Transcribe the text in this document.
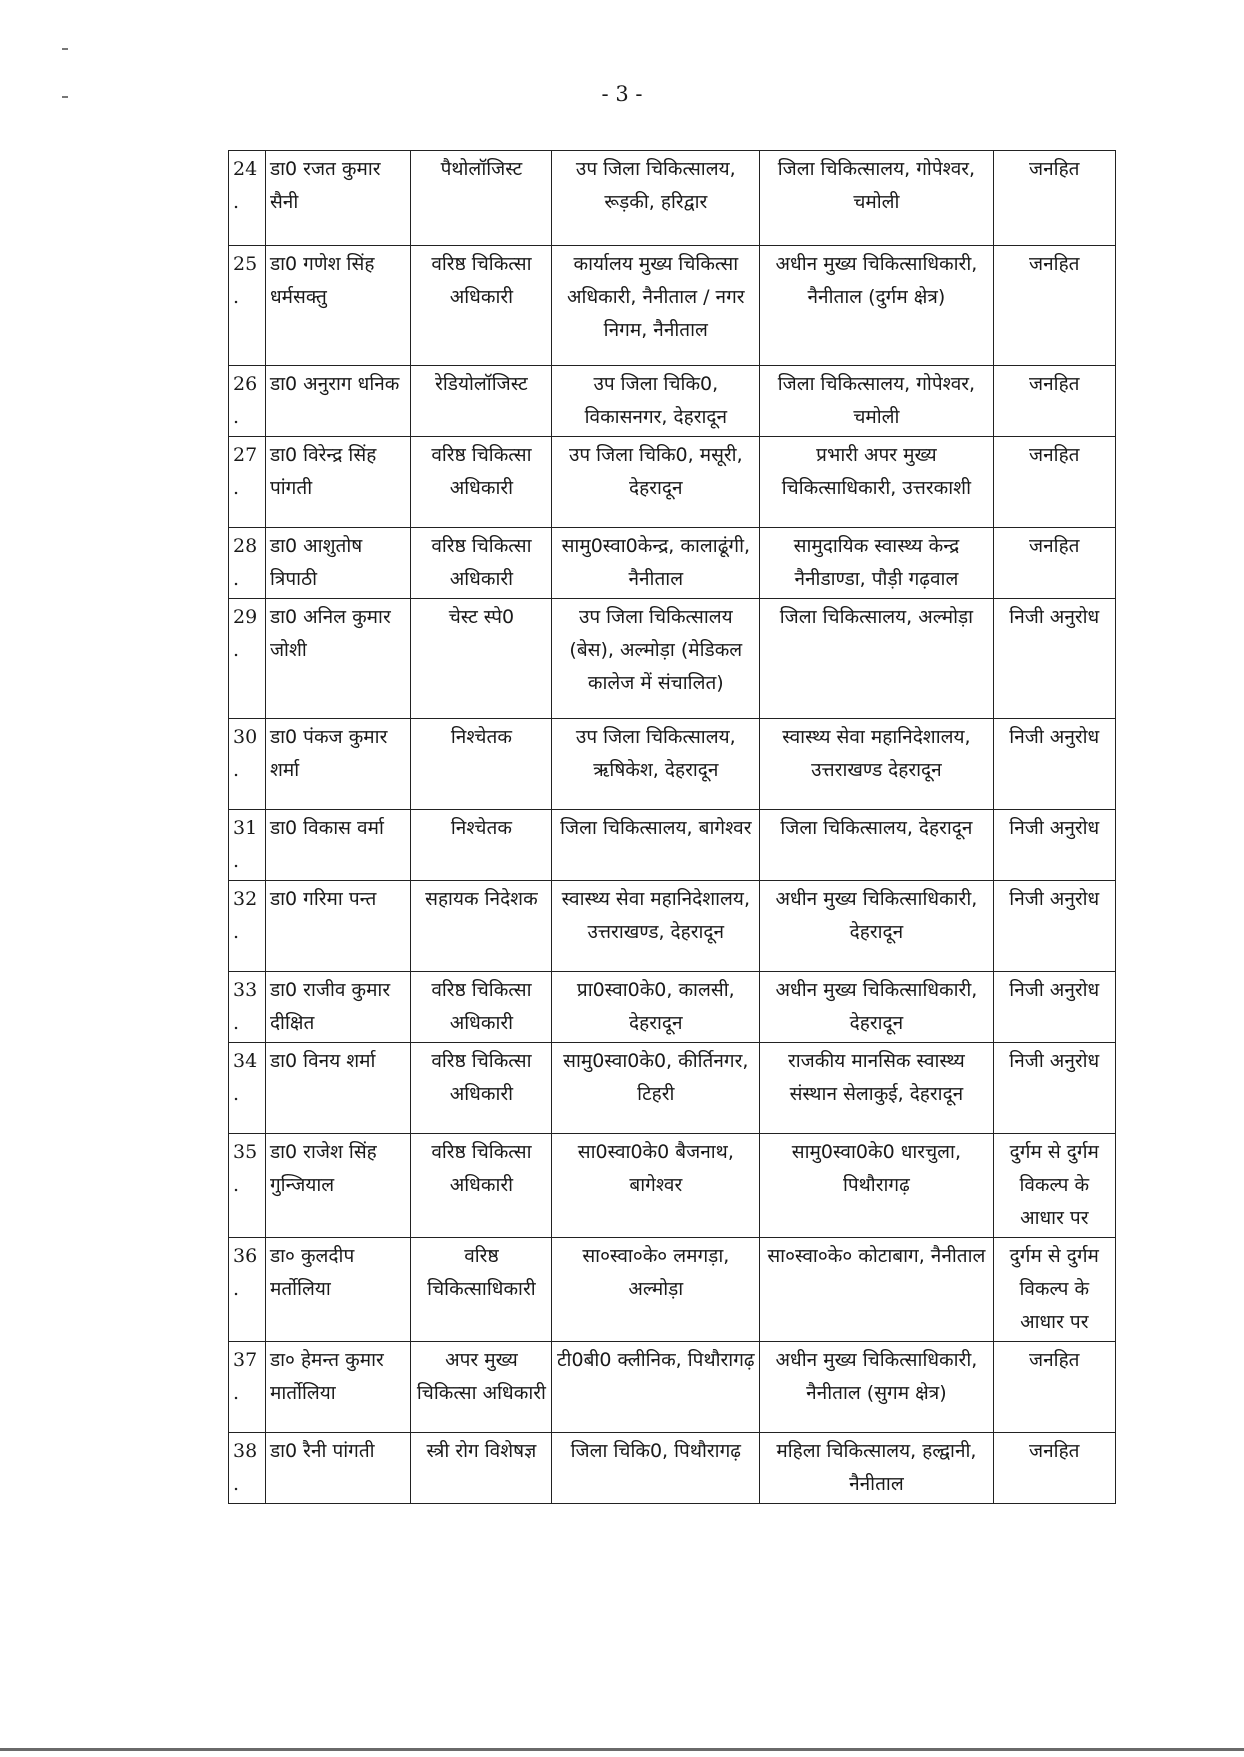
- 3 -
24.	डा0 रजत कुमार सैनी	पैथोलॉजिस्ट	उप जिला चिकित्सालय, रूड़की, हरिद्वार	जिला चिकित्सालय, गोपेश्वर, चमोली	जनहित
25.	डा0 गणेश सिंह धर्मसक्तु	वरिष्ठ चिकित्सा अधिकारी	कार्यालय मुख्य चिकित्सा अधिकारी, नैनीताल / नगर निगम, नैनीताल	अधीन मुख्य चिकित्साधिकारी, नैनीताल (दुर्गम क्षेत्र)	जनहित
26.	डा0 अनुराग धनिक	रेडियोलॉजिस्ट	उप जिला चिकि0, विकासनगर, देहरादून	जिला चिकित्सालय, गोपेश्वर, चमोली	जनहित
27.	डा0 विरेन्द्र सिंह पांगती	वरिष्ठ चिकित्सा अधिकारी	उप जिला चिकि0, मसूरी, देहरादून	प्रभारी अपर मुख्य चिकित्साधिकारी, उत्तरकाशी	जनहित
28.	डा0 आशुतोष त्रिपाठी	वरिष्ठ चिकित्सा अधिकारी	सामु0स्वा0केन्द्र, कालाढूंगी, नैनीताल	सामुदायिक स्वास्थ्य केन्द्र नैनीडाण्डा, पौड़ी गढ़वाल	जनहित
29.	डा0 अनिल कुमार जोशी	चेस्ट स्पे0	उप जिला चिकित्सालय (बेस), अल्मोड़ा (मेडिकल कालेज में संचालित)	जिला चिकित्सालय, अल्मोड़ा	निजी अनुरोध
30.	डा0 पंकज कुमार शर्मा	निश्चेतक	उप जिला चिकित्सालय, ऋषिकेश, देहरादून	स्वास्थ्य सेवा महानिदेशालय, उत्तराखण्ड देहरादून	निजी अनुरोध
31.	डा0 विकास वर्मा	निश्चेतक	जिला चिकित्सालय, बागेश्वर	जिला चिकित्सालय, देहरादून	निजी अनुरोध
32.	डा0 गरिमा पन्त	सहायक निदेशक	स्वास्थ्य सेवा महानिदेशालय, उत्तराखण्ड, देहरादून	अधीन मुख्य चिकित्साधिकारी, देहरादून	निजी अनुरोध
33.	डा0 राजीव कुमार दीक्षित	वरिष्ठ चिकित्सा अधिकारी	प्रा0स्वा0के0, कालसी, देहरादून	अधीन मुख्य चिकित्साधिकारी, देहरादून	निजी अनुरोध
34.	डा0 विनय शर्मा	वरिष्ठ चिकित्सा अधिकारी	सामु0स्वा0के0, कीर्तिनगर, टिहरी	राजकीय मानसिक स्वास्थ्य संस्थान सेलाकुई, देहरादून	निजी अनुरोध
35.	डा0 राजेश सिंह गुन्जियाल	वरिष्ठ चिकित्सा अधिकारी	सा0स्वा0के0 बैजनाथ, बागेश्वर	सामु0स्वा0के0 धारचुला, पिथौरागढ़	दुर्गम से दुर्गम विकल्प के आधार पर
36.	डा० कुलदीप मर्तोलिया	वरिष्ठ चिकित्साधिकारी	सा०स्वा०के० लमगड़ा, अल्मोड़ा	सा०स्वा०के० कोटाबाग, नैनीताल	दुर्गम से दुर्गम विकल्प के आधार पर
37.	डा० हेमन्त कुमार मार्तोलिया	अपर मुख्य चिकित्सा अधिकारी	टी0बी0 क्लीनिक, पिथौरागढ़	अधीन मुख्य चिकित्साधिकारी, नैनीताल (सुगम क्षेत्र)	जनहित
38.	डा0 रैनी पांगती	स्त्री रोग विशेषज्ञ	जिला चिकि0, पिथौरागढ़	महिला चिकित्सालय, हल्द्वानी, नैनीताल	जनहित
